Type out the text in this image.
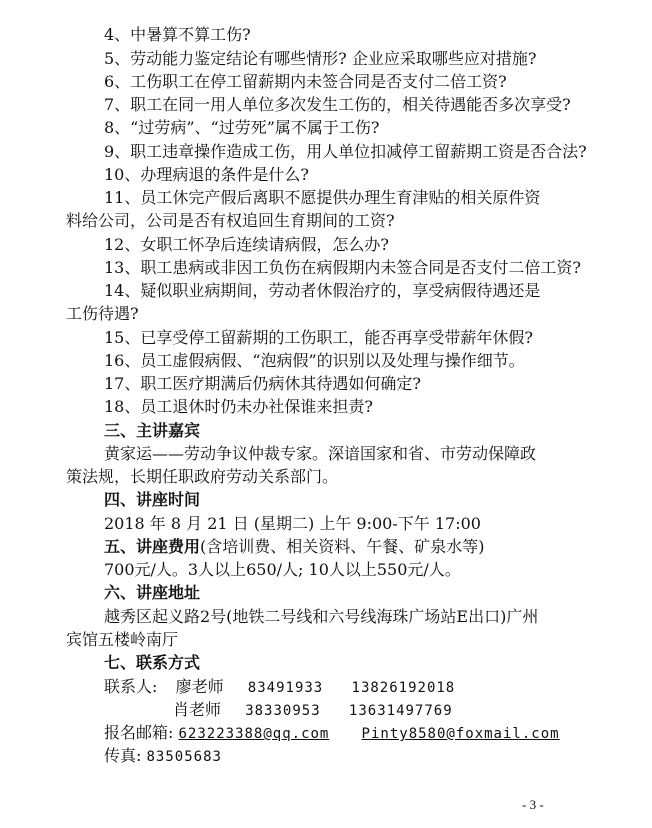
4、中暑算不算工伤?
5、劳动能力鉴定结论有哪些情形? 企业应采取哪些应对措施?
6、工伤职工在停工留薪期内未签合同是否支付二倍工资?
7、职工在同一用人单位多次发生工伤的，相关待遇能否多次享受?
8、“过劳病”、“过劳死”属不属于工伤?
9、职工违章操作造成工伤，用人单位扣减停工留薪期工资是否合法?
10、办理病退的条件是什么?
11、员工休完产假后离职不愿提供办理生育津贴的相关原件资
料给公司，公司是否有权追回生育期间的工资?
12、女职工怀孕后连续请病假，怎么办?
13、职工患病或非因工负伤在病假期内未签合同是否支付二倍工资?
14、疑似职业病期间，劳动者休假治疗的，享受病假待遇还是
工伤待遇?
15、已享受停工留薪期的工伤职工，能否再享受带薪年休假?
16、员工虚假病假、“泡病假”的识别以及处理与操作细节。
17、职工医疗期满后仍病休其待遇如何确定?
18、员工退休时仍未办社保谁来担责?
三、主讲嘉宾
黄家运——劳动争议仲裁专家。深谙国家和省、市劳动保障政
策法规，长期任职政府劳动关系部门。
四、讲座时间
2018 年 8 月 21 日 (星期二) 上午 9:00-下午 17:00
五、讲座费用(含培训费、相关资料、午餐、矿泉水等)
700元/人。3人以上650/人; 10人以上550元/人。
六、讲座地址
越秀区起义路2号(地铁二号线和六号线海珠广场站E出口)广州
宾馆五楼岭南厅
七、联系方式
联系人: 廖老师 83491933   13826192018
肖老师 38330953   13631497769
报名邮箱: 623223388@qq.com Pinty8580@foxmail.com
传真: 83505683
- 3 -
